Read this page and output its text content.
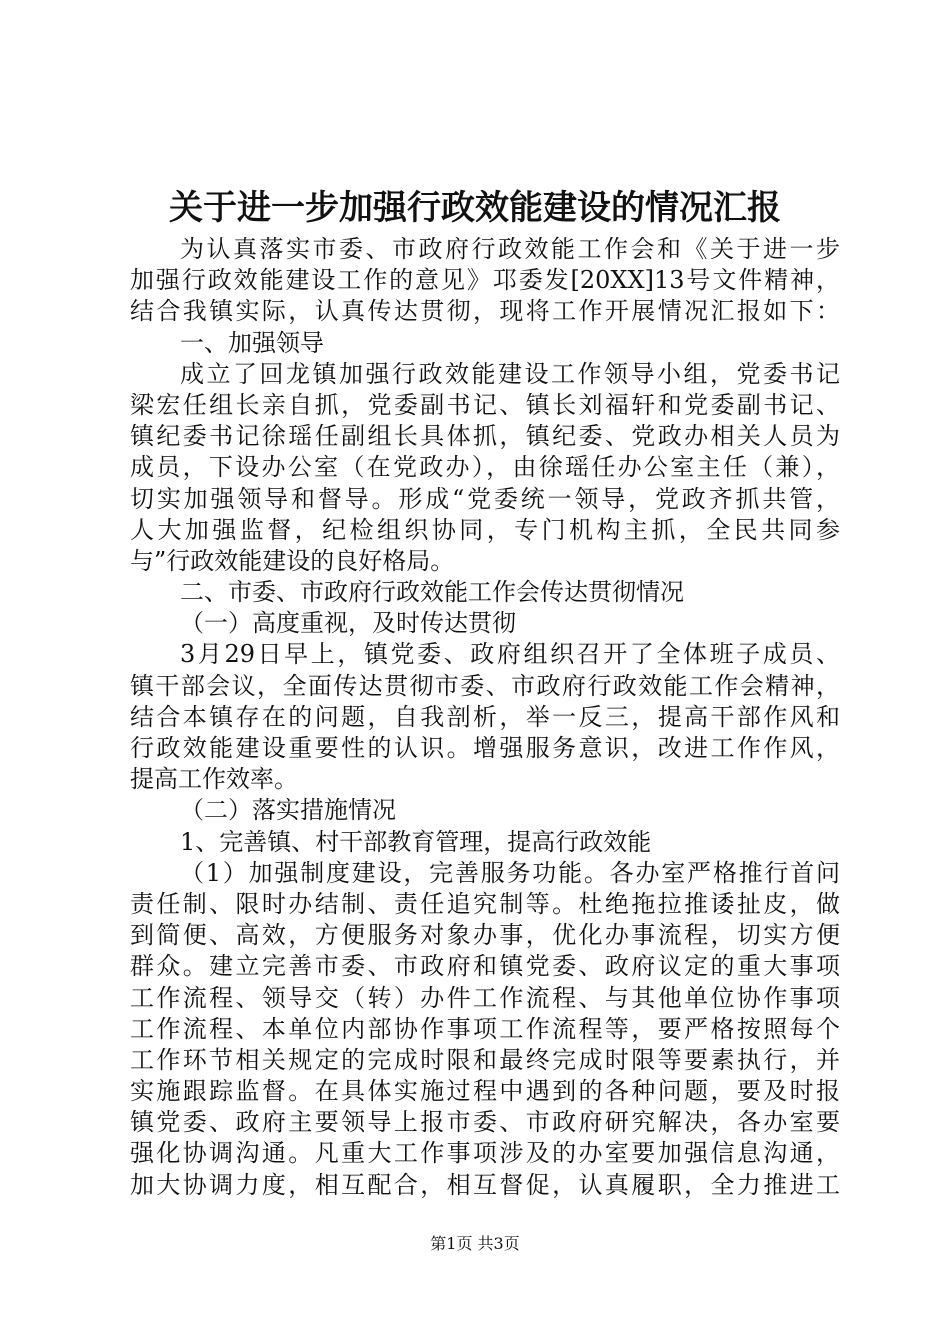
关于进一步加强行政效能建设的情况汇报
为认真落实市委、市政府行政效能工作会和《关于进一步
加强行政效能建设工作的意见》邛委发[20XX]13号文件精神，
结合我镇实际，认真传达贯彻，现将工作开展情况汇报如下：
一、加强领导
成立了回龙镇加强行政效能建设工作领导小组，党委书记
梁宏任组长亲自抓，党委副书记、镇长刘福轩和党委副书记、
镇纪委书记徐瑶任副组长具体抓，镇纪委、党政办相关人员为
成员，下设办公室（在党政办），由徐瑶任办公室主任（兼），
切实加强领导和督导。形成“党委统一领导，党政齐抓共管，
人大加强监督，纪检组织协同，专门机构主抓，全民共同参
与”行政效能建设的良好格局。
二、市委、市政府行政效能工作会传达贯彻情况
（一）高度重视，及时传达贯彻
3月29日早上，镇党委、政府组织召开了全体班子成员、
镇干部会议，全面传达贯彻市委、市政府行政效能工作会精神，
结合本镇存在的问题，自我剖析，举一反三，提高干部作风和
行政效能建设重要性的认识。增强服务意识，改进工作作风，
提高工作效率。
（二）落实措施情况
1、完善镇、村干部教育管理，提高行政效能
（1）加强制度建设，完善服务功能。各办室严格推行首问
责任制、限时办结制、责任追究制等。杜绝拖拉推诿扯皮，做
到简便、高效，方便服务对象办事，优化办事流程，切实方便
群众。建立完善市委、市政府和镇党委、政府议定的重大事项
工作流程、领导交（转）办件工作流程、与其他单位协作事项
工作流程、本单位内部协作事项工作流程等，要严格按照每个
工作环节相关规定的完成时限和最终完成时限等要素执行，并
实施跟踪监督。在具体实施过程中遇到的各种问题，要及时报
镇党委、政府主要领导上报市委、市政府研究解决，各办室要
强化协调沟通。凡重大工作事项涉及的办室要加强信息沟通，
加大协调力度，相互配合，相互督促，认真履职，全力推进工
第1页 共3页
